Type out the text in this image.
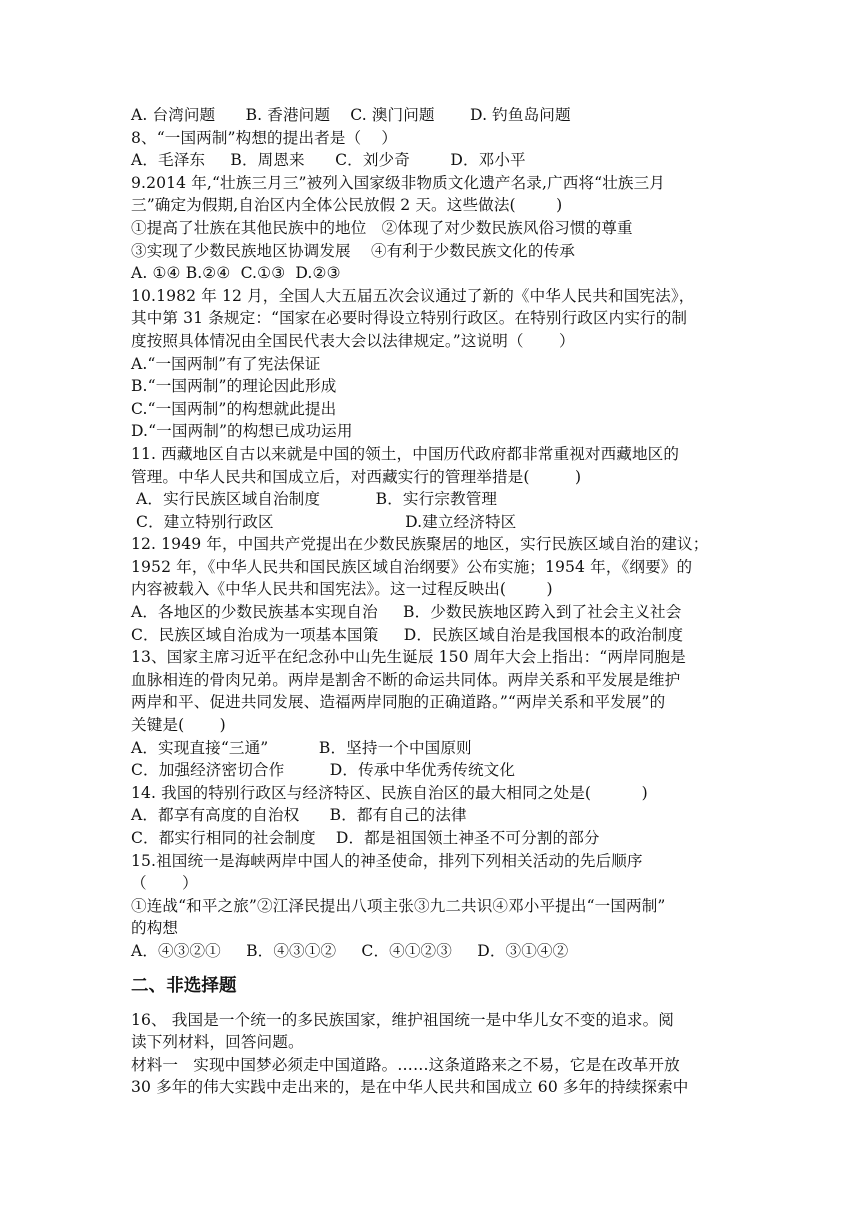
A. 台湾问题      B. 香港问题    C. 澳门问题       D. 钓鱼岛问题
8、“一国两制”构想的提出者是（    ）
A．毛泽东     B．周恩来      C．刘少奇        D．邓小平
9.2014 年,“壮族三月三”被列入国家级非物质文化遗产名录,广西将“壮族三月
三”确定为假期,自治区内全体公民放假 2 天。这些做法(        )
①提高了壮族在其他民族中的地位   ②体现了对少数民族风俗习惯的尊重
③实现了少数民族地区协调发展    ④有利于少数民族文化的传承
A. ①④ B.②④  C.①③  D.②③
10.1982 年 12 月，全国人大五届五次会议通过了新的《中华人民共和国宪法》，
其中第 31 条规定：“国家在必要时得设立特别行政区。在特别行政区内实行的制
度按照具体情况由全国民代表大会以法律规定。”这说明（       ）
A.“一国两制”有了宪法保证
B.“一国两制”的理论因此形成
C.“一国两制”的构想就此提出
D.“一国两制”的构想已成功运用
11. 西藏地区自古以来就是中国的领土，中国历代政府都非常重视对西藏地区的
管理。中华人民共和国成立后，对西藏实行的管理举措是(         )
A．实行民族区域自治制度           B．实行宗教管理
C．建立特别行政区                          D.建立经济特区
12. 1949 年，中国共产党提出在少数民族聚居的地区，实行民族区域自治的建议；
1952 年，《中华人民共和国民族区域自治纲要》公布实施；1954 年，《纲要》的
内容被载入《中华人民共和国宪法》。这一过程反映出(        )
A．各地区的少数民族基本实现自治     B．少数民族地区跨入到了社会主义社会
C．民族区域自治成为一项基本国策     D．民族区域自治是我国根本的政治制度
13、国家主席习近平在纪念孙中山先生诞辰 150 周年大会上指出：“两岸同胞是
血脉相连的骨肉兄弟。两岸是割舍不断的命运共同体。两岸关系和平发展是维护
两岸和平、促进共同发展、造福两岸同胞的正确道路。”“两岸关系和平发展”的
关键是(       )
A．实现直接“三通”          B．坚持一个中国原则
C．加强经济密切合作         D．传承中华优秀传统文化
14. 我国的特别行政区与经济特区、民族自治区的最大相同之处是(          )
A．都享有高度的自治权      B．都有自己的法律
C．都实行相同的社会制度    D．都是祖国领土神圣不可分割的部分
15.祖国统一是海峡两岸中国人的神圣使命，排列下列相关活动的先后顺序
（       ）
①连战“和平之旅”②江泽民提出八项主张③九二共识④邓小平提出“一国两制”
的构想
A．④③②①     B．④③①②     C．④①②③     D．③①④②
二、非选择题
16、 我国是一个统一的多民族国家，维护祖国统一是中华儿女不变的追求。阅
读下列材料，回答问题。
材料一   实现中国梦必须走中国道路。……这条道路来之不易，它是在改革开放
30 多年的伟大实践中走出来的，是在中华人民共和国成立 60 多年的持续探索中
